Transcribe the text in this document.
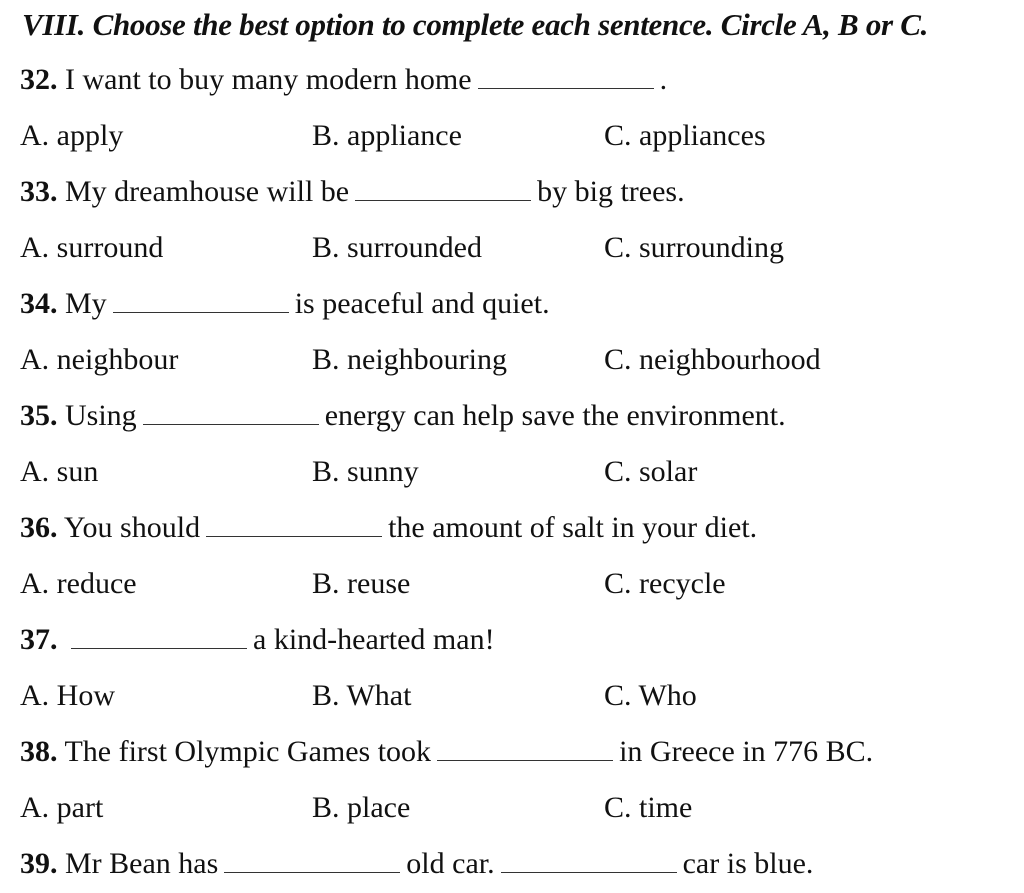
VIII. Choose the best option to complete each sentence. Circle A, B or C.
32. I want to buy many modern home	.
A. apply	B. appliance	C. appliances
33. My dreamhouse will be	by big trees.
A. surround	B. surrounded	C. surrounding
34. My	is peaceful and quiet.
A. neighbour	B. neighbouring	C. neighbourhood
35. Using	energy can help save the environment.
A. sun	B. sunny	C. solar
36. You should	the amount of salt in your diet.
A. reduce	B. reuse	C. recycle
37.	a kind-hearted man!
A. How	B. What	C. Who
38. The first Olympic Games took	in Greece in 776 BC.
A. part	B. place	C. time
39. Mr Bean has	old car.	car is blue.
